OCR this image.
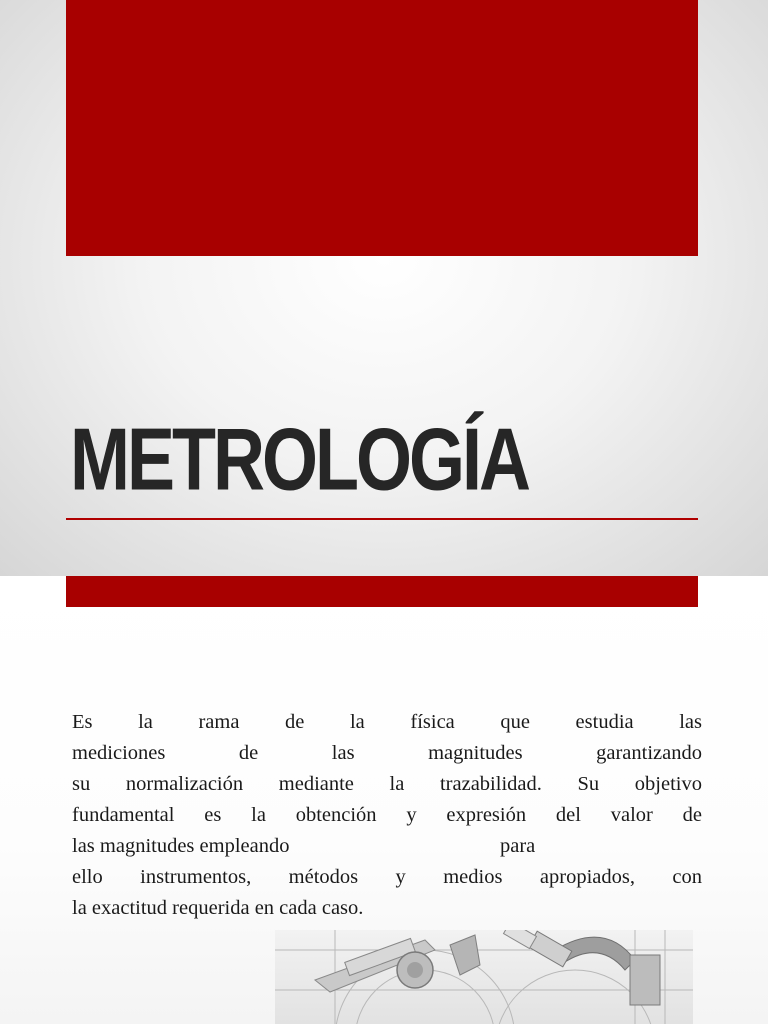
METROLOGÍA
Es la rama de la física que estudia las
mediciones de las magnitudes garantizando
su normalización mediante la trazabilidad. Su objetivo
fundamental es la obtención y expresión del valor de
las magnitudes empleando	para
ello instrumentos, métodos y medios apropiados, con
la exactitud requerida en cada caso.
